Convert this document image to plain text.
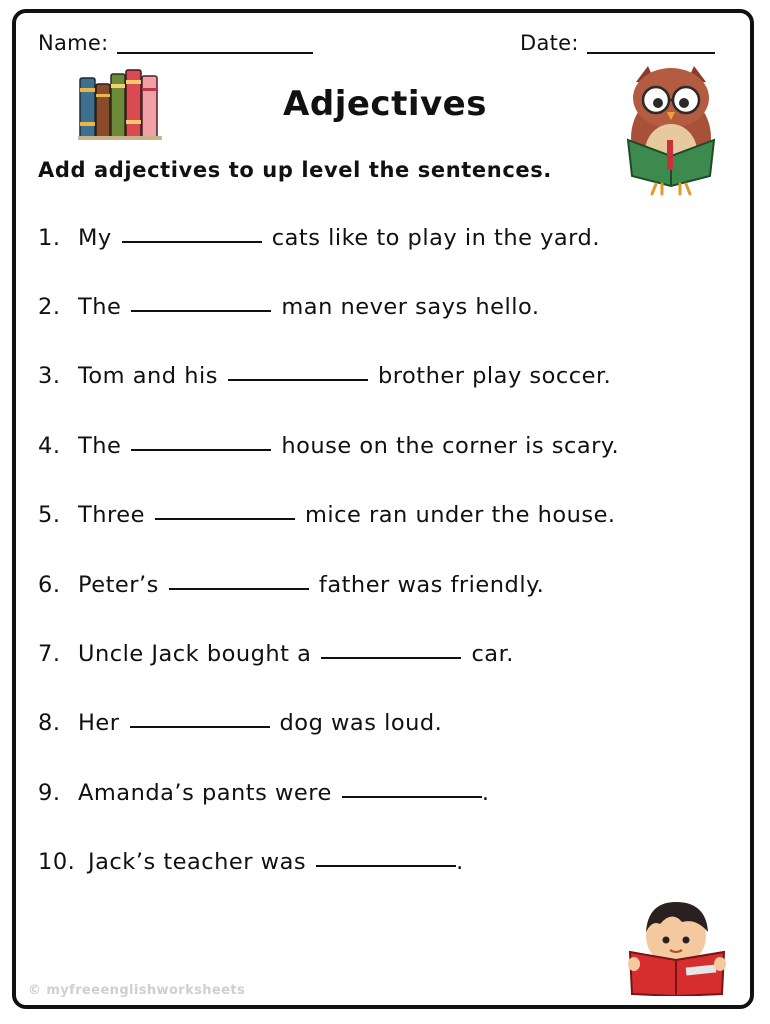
Name:	Date:
Adjectives
Add adjectives to up level the sentences.
1. My	cats like to play in the yard.
2. The	man never says hello.
3. Tom and his	brother play soccer.
4. The	house on the corner is scary.
5. Three	mice ran under the house.
6. Peter’s	father was friendly.
7. Uncle Jack bought a	car.
8. Her	dog was loud.
9. Amanda’s pants were	.
10. Jack’s teacher was	.
© myfreeenglishworksheets
